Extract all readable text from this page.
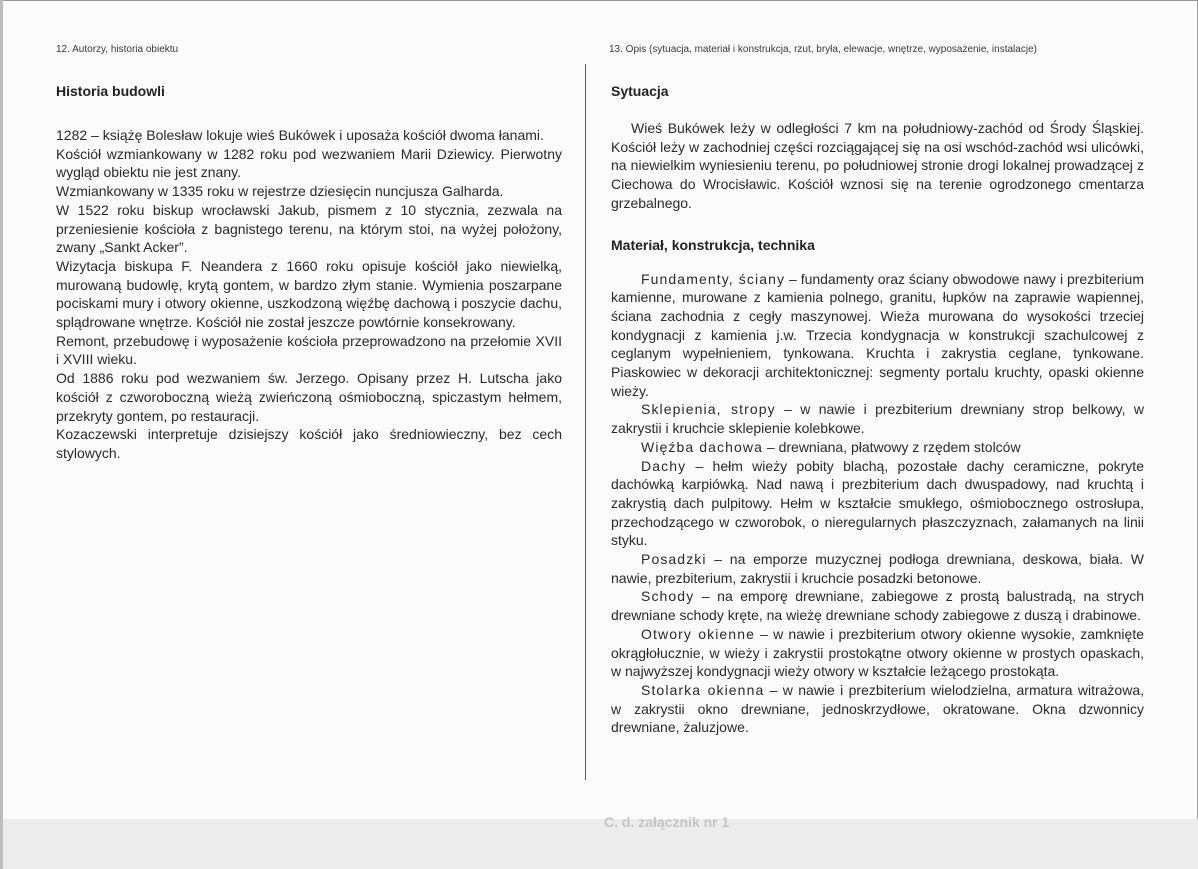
12. Autorzy, historia obiektu	13. Opis (sytuacja, materiał i konstrukcja, rzut, bryła, elewacje, wnętrze, wyposażenie, instalacje)
Historia budowli

1282 – książę Bolesław lokuje wieś Bukówek i uposaża kościół dwoma łanami.

Kościół wzmiankowany w 1282 roku pod wezwaniem Marii Dziewicy. Pierwotny wygląd obiektu nie jest znany.

Wzmiankowany w 1335 roku w rejestrze dziesięcin nuncjusza Galharda.

W 1522 roku biskup wrocławski Jakub, pismem z 10 stycznia, zezwala na przeniesienie kościoła z bagnistego terenu, na którym stoi, na wyżej położony, zwany „Sankt Acker”.

Wizytacja biskupa F. Neandera z 1660 roku opisuje kościół jako niewielką, murowaną budowlę, krytą gontem, w bardzo złym stanie. Wymienia poszarpane pociskami mury i otwory okienne, uszkodzoną więźbę dachową i poszycie dachu, splądrowane wnętrze. Kościół nie został jeszcze powtórnie konsekrowany.

Remont, przebudowę i wyposażenie kościoła przeprowadzono na przełomie XVII i XVIII wieku.

Od 1886 roku pod wezwaniem św. Jerzego. Opisany przez H. Lutscha jako kościół z czworoboczną wieżą zwieńczoną ośmioboczną, spiczastym hełmem, przekryty gontem, po restauracji.

Kozaczewski interpretuje dzisiejszy kościół jako średniowieczny, bez cech stylowych.

Sytuacja

Wieś Bukówek leży w odległości 7 km na południowy-zachód od Środy Śląskiej. Kościół leży w zachodniej części rozciągającej się na osi wschód-zachód wsi ulicówki, na niewielkim wyniesieniu terenu, po południowej stronie drogi lokalnej prowadzącej z Ciechowa do Wrocisławic. Kościół wznosi się na terenie ogrodzonego cmentarza grzebalnego.

Materiał, konstrukcja, technika

Fundamenty, ściany – fundamenty oraz ściany obwodowe nawy i prezbiterium kamienne, murowane z kamienia polnego, granitu, łupków na zaprawie wapiennej, ściana zachodnia z cegły maszynowej. Wieża murowana do wysokości trzeciej kondygnacji z kamienia j.w. Trzecia kondygnacja w konstrukcji szachulcowej z ceglanym wypełnieniem, tynkowana. Kruchta i zakrystia ceglane, tynkowane. Piaskowiec w dekoracji architektonicznej: segmenty portalu kruchty, opaski okienne wieży.

Sklepienia, stropy – w nawie i prezbiterium drewniany strop belkowy, w zakrystii i kruchcie sklepienie kolebkowe.

Więźba dachowa – drewniana, płatwowy z rzędem stolców

Dachy – hełm wieży pobity blachą, pozostałe dachy ceramiczne, pokryte dachówką karpiówką. Nad nawą i prezbiterium dach dwuspadowy, nad kruchtą i zakrystią dach pulpitowy. Hełm w kształcie smukłego, ośmiobocznego ostrosłupa, przechodzącego w czworobok, o nieregularnych płaszczyznach, załamanych na linii styku.

Posadzki – na emporze muzycznej podłoga drewniana, deskowa, biała. W nawie, prezbiterium, zakrystii i kruchcie posadzki betonowe.

Schody – na emporę drewniane, zabiegowe z prostą balustradą, na strych drewniane schody kręte, na wieżę drewniane schody zabiegowe z duszą i drabinowe.

Otwory okienne – w nawie i prezbiterium otwory okienne wysokie, zamknięte okrągłołucznie, w wieży i zakrystii prostokątne otwory okienne w prostych opaskach, w najwyższej kondygnacji wieży otwory w kształcie leżącego prostokąta.

Stolarka okienna – w nawie i prezbiterium wielodzielna, armatura witrażowa, w zakrystii okno drewniane, jednoskrzydłowe, okratowane. Okna dzwonnicy drewniane, żaluzjowe.

C. d. załącznik nr 1
